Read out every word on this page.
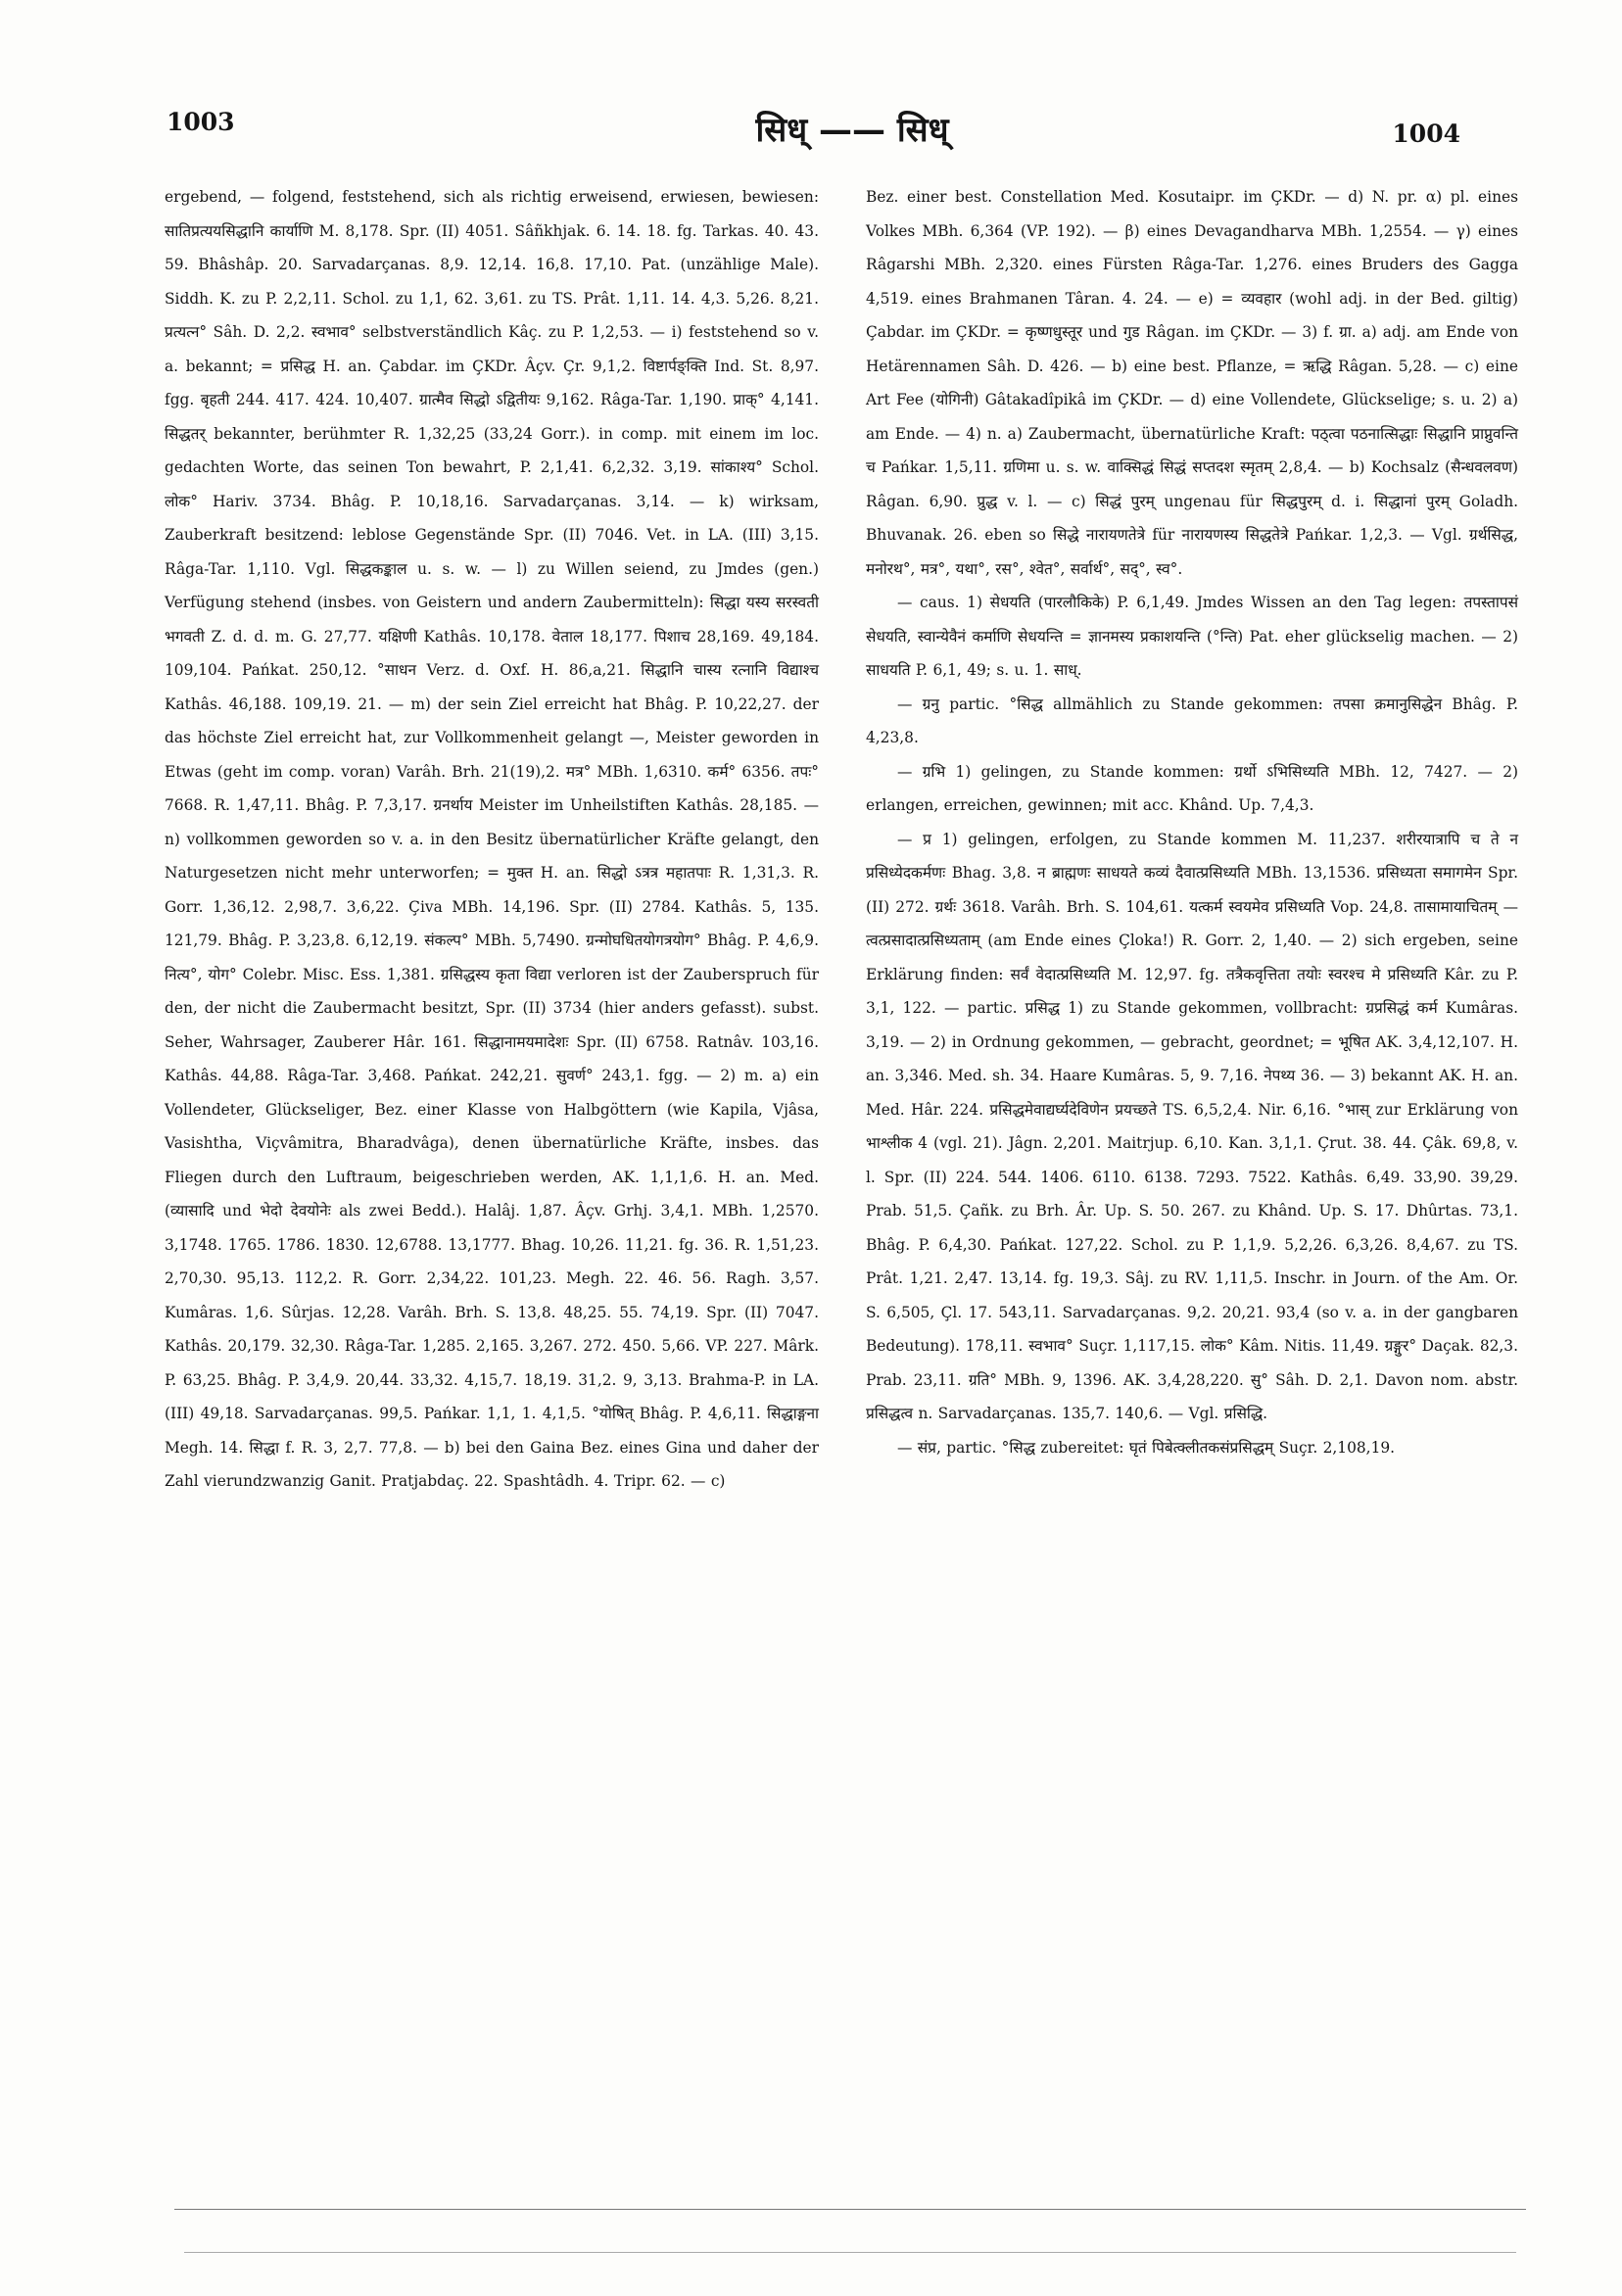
1003	सिध् —— सिध्	1004

ergebend, — folgend, feststehend, sich als richtig erweisend, erwiesen, bewiesen: सातिप्रत्ययसिद्धानि कार्याणि M. 8,178. Spr. (II) 4051. Sâñkhjak. 6. 14. 18. fg. Tarkas. 40. 43. 59. Bhâshâp. 20. Sarvadarçanas. 8,9. 12,14. 16,8. 17,10. Pat. (unzählige Male). Siddh. K. zu P. 2,2,11. Schol. zu 1,1, 62. 3,61. zu TS. Prât. 1,11. 14. 4,3. 5,26. 8,21. प्रत्यत्न° Sâh. D. 2,2. स्वभाव° selbstverständlich Kâç. zu P. 1,2,53. — i) feststehend so v. a. bekannt; = प्रसिद्ध H. an. Çabdar. im ÇKDr. Âçv. Çr. 9,1,2. विष्टार्पङ्क्ति Ind. St. 8,97. fgg. बृहती 244. 417. 424. 10,407. ग्रात्मैव सिद्धो ऽद्वितीयः 9,162. Râga-Tar. 1,190. प्राक्° 4,141. सिद्धतर् bekannter, berühmter R. 1,32,25 (33,24 Gorr.). in comp. mit einem im loc. gedachten Worte, das seinen Ton bewahrt, P. 2,1,41. 6,2,32. 3,19. सांकाश्य° Schol. लोक° Hariv. 3734. Bhâg. P. 10,18,16. Sarvadarçanas. 3,14. — k) wirksam, Zauberkraft besitzend: leblose Gegenstände Spr. (II) 7046. Vet. in LA. (III) 3,15. Râga-Tar. 1,110. Vgl. सिद्धकङ्काल u. s. w. — l) zu Willen seiend, zu Jmdes (gen.) Verfügung stehend (insbes. von Geistern und andern Zaubermitteln): सिद्धा यस्य सरस्वती भगवती Z. d. d. m. G. 27,77. यक्षिणी Kathâs. 10,178. वेताल 18,177. पिशाच 28,169. 49,184. 109,104. Pańkat. 250,12. °साधन Verz. d. Oxf. H. 86,a,21. सिद्धानि चास्य रत्नानि विद्याश्च Kathâs. 46,188. 109,19. 21. — m) der sein Ziel erreicht hat Bhâg. P. 10,22,27. der das höchste Ziel erreicht hat, zur Vollkommenheit gelangt —, Meister geworden in Etwas (geht im comp. voran) Varâh. Brh. 21(19),2. मत्र° MBh. 1,6310. कर्म° 6356. तपः° 7668. R. 1,47,11. Bhâg. P. 7,3,17. ग्रनर्थाय Meister im Unheilstiften Kathâs. 28,185. — n) vollkommen geworden so v. a. in den Besitz übernatürlicher Kräfte gelangt, den Naturgesetzen nicht mehr unterworfen; = मुक्त H. an. सिद्धो ऽत्रत्र महातपाः R. 1,31,3. R. Gorr. 1,36,12. 2,98,7. 3,6,22. Çiva MBh. 14,196. Spr. (II) 2784. Kathâs. 5, 135. 121,79. Bhâg. P. 3,23,8. 6,12,19. संकल्प° MBh. 5,7490. ग्रन्मोघधितयोगत्रयोग° Bhâg. P. 4,6,9. नित्य°, योग° Colebr. Misc. Ess. 1,381. ग्रसिद्धस्य कृता विद्या verloren ist der Zauberspruch für den, der nicht die Zaubermacht besitzt, Spr. (II) 3734 (hier anders gefasst). subst. Seher, Wahrsager, Zauberer Hâr. 161. सिद्धानामयमादेशः Spr. (II) 6758. Ratnâv. 103,16. Kathâs. 44,88. Râga-Tar. 3,468. Pańkat. 242,21. सुवर्ण° 243,1. fgg. — 2) m. a) ein Vollendeter, Glückseliger, Bez. einer Klasse von Halbgöttern (wie Kapila, Vjâsa, Vasishtha, Viçvâmitra, Bharadvâga), denen übernatürliche Kräfte, insbes. das Fliegen durch den Luftraum, beigeschrieben werden, AK. 1,1,1,6. H. an. Med. (व्यासादि und भेदो देवयोनेः als zwei Bedd.). Halâj. 1,87. Âçv. Grhj. 3,4,1. MBh. 1,2570. 3,1748. 1765. 1786. 1830. 12,6788. 13,1777. Bhag. 10,26. 11,21. fg. 36. R. 1,51,23. 2,70,30. 95,13. 112,2. R. Gorr. 2,34,22. 101,23. Megh. 22. 46. 56. Ragh. 3,57. Kumâras. 1,6. Sûrjas. 12,28. Varâh. Brh. S. 13,8. 48,25. 55. 74,19. Spr. (II) 7047. Kathâs. 20,179. 32,30. Râga-Tar. 1,285. 2,165. 3,267. 272. 450. 5,66. VP. 227. Mârk. P. 63,25. Bhâg. P. 3,4,9. 20,44. 33,32. 4,15,7. 18,19. 31,2. 9, 3,13. Brahma-P. in LA. (III) 49,18. Sarvadarçanas. 99,5. Pańkar. 1,1, 1. 4,1,5. °योषित् Bhâg. P. 4,6,11. सिद्धाङ्गना Megh. 14. सिद्धा f. R. 3, 2,7. 77,8. — b) bei den Gaina Bez. eines Gina und daher der Zahl vierundzwanzig Ganit. Pratjabdaç. 22. Spashtâdh. 4. Tripr. 62. — c)

Bez. einer best. Constellation Med. Kosutaipr. im ÇKDr. — d) N. pr. α) pl. eines Volkes MBh. 6,364 (VP. 192). — β) eines Devagandharva MBh. 1,2554. — γ) eines Râgarshi MBh. 2,320. eines Fürsten Râga-Tar. 1,276. eines Bruders des Gagga 4,519. eines Brahmanen Târan. 4. 24. — e) = व्यवहार (wohl adj. in der Bed. giltig) Çabdar. im ÇKDr. = कृष्णधुस्तूर und गुड Râgan. im ÇKDr. — 3) f. ग्रा. a) adj. am Ende von Hetärennamen Sâh. D. 426. — b) eine best. Pflanze, = ऋद्धि Râgan. 5,28. — c) eine Art Fee (योगिनी) Gâtakadîpikâ im ÇKDr. — d) eine Vollendete, Glückselige; s. u. 2) a) am Ende. — 4) n. a) Zaubermacht, übernatürliche Kraft: पठ्त्वा पठनात्सिद्धाः सिद्धानि प्राप्नुवन्ति च Pańkar. 1,5,11. ग्रणिमा u. s. w. वाक्सिद्धं सिद्धं सप्तदश स्मृतम् 2,8,4. — b) Kochsalz (सैन्धवलवण) Râgan. 6,90. प्रुद्ध v. l. — c) सिद्धं पुरम् ungenau für सिद्धपुरम् d. i. सिद्धानां पुरम् Goladh. Bhuvanak. 26. eben so सिद्धे नारायणतेत्रे für नारायणस्य सिद्धतेत्रे Pańkar. 1,2,3. — Vgl. ग्रर्थसिद्ध, मनोरथ°, मत्र°, यथा°, रस°, श्वेत°, सर्वार्थ°, सद्°, स्व°.

— caus. 1) सेधयति (पारलौकिके) P. 6,1,49. Jmdes Wissen an den Tag legen: तपस्तापसं सेधयति, स्वान्येवैनं कर्माणि सेधयन्ति = ज्ञानमस्य प्रकाशयन्ति (°न्ति) Pat. eher glückselig machen. — 2) साधयति P. 6,1, 49; s. u. 1. साध्.

— ग्रनु partic. °सिद्ध allmählich zu Stande gekommen: तपसा क्रमानुसिद्धेन Bhâg. P. 4,23,8.

— ग्रभि 1) gelingen, zu Stande kommen: ग्रर्थो ऽभिसिध्यति MBh. 12, 7427. — 2) erlangen, erreichen, gewinnen; mit acc. Khând. Up. 7,4,3.

— प्र 1) gelingen, erfolgen, zu Stande kommen M. 11,237. शरीरयात्रापि च ते न प्रसिध्येदकर्मणः Bhag. 3,8. न ब्राह्मणः साधयते कव्यं दैवात्प्रसिध्यति MBh. 13,1536. प्रसिध्यता समागमेन Spr. (II) 272. ग्रर्थः 3618. Varâh. Brh. S. 104,61. यत्कर्म स्वयमेव प्रसिध्यति Vop. 24,8. तासामायाचितम् — त्वत्प्रसादात्प्रसिध्यताम् (am Ende eines Çloka!) R. Gorr. 2, 1,40. — 2) sich ergeben, seine Erklärung finden: सर्वं वेदात्प्रसिध्यति M. 12,97. fg. तत्रैकवृत्तिता तयोः स्वरश्च मे प्रसिध्यति Kâr. zu P. 3,1, 122. — partic. प्रसिद्ध 1) zu Stande gekommen, vollbracht: ग्रप्रसिद्धं कर्म Kumâras. 3,19. — 2) in Ordnung gekommen, — gebracht, geordnet; = भूषित AK. 3,4,12,107. H. an. 3,346. Med. sh. 34. Haare Kumâras. 5, 9. 7,16. नेपथ्य 36. — 3) bekannt AK. H. an. Med. Hâr. 224. प्रसिद्धमेवाद्यर्घ्यदेविणेन प्रयच्छते TS. 6,5,2,4. Nir. 6,16. °भास् zur Erklärung von भाश्लीक 4 (vgl. 21). Jâgn. 2,201. Maitrjup. 6,10. Kan. 3,1,1. Çrut. 38. 44. Çâk. 69,8, v. l. Spr. (II) 224. 544. 1406. 6110. 6138. 7293. 7522. Kathâs. 6,49. 33,90. 39,29. Prab. 51,5. Çañk. zu Brh. Âr. Up. S. 50. 267. zu Khând. Up. S. 17. Dhûrtas. 73,1. Bhâg. P. 6,4,30. Pańkat. 127,22. Schol. zu P. 1,1,9. 5,2,26. 6,3,26. 8,4,67. zu TS. Prât. 1,21. 2,47. 13,14. fg. 19,3. Sâj. zu RV. 1,11,5. Inschr. in Journ. of the Am. Or. S. 6,505, Çl. 17. 543,11. Sarvadarçanas. 9,2. 20,21. 93,4 (so v. a. in der gangbaren Bedeutung). 178,11. स्वभाव° Suçr. 1,117,15. लोक° Kâm. Nitis. 11,49. ग्रङ्गुर° Daçak. 82,3. Prab. 23,11. ग्रति° MBh. 9, 1396. AK. 3,4,28,220. सु° Sâh. D. 2,1. Davon nom. abstr. प्रसिद्धत्व n. Sarvadarçanas. 135,7. 140,6. — Vgl. प्रसिद्धि.

— संप्र, partic. °सिद्ध zubereitet: घृतं पिबेत्क्लीतकसंप्रसिद्धम् Suçr. 2,108,19.
